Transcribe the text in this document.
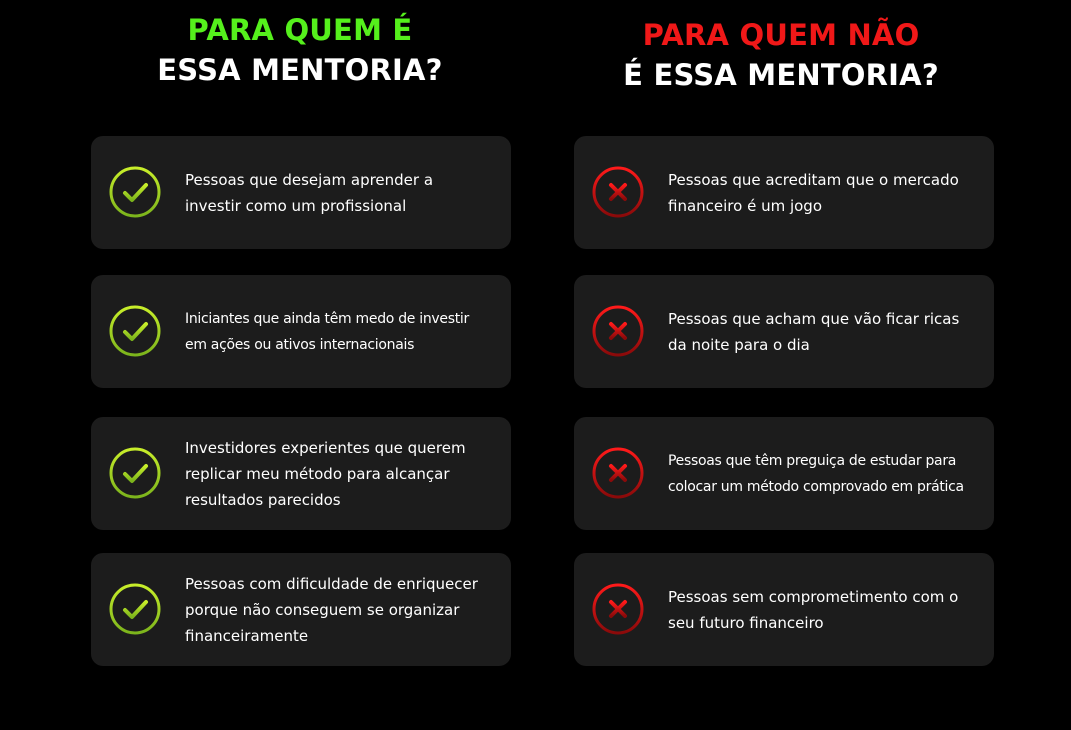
PARA QUEM É
ESSA MENTORIA?
PARA QUEM NÃO
É ESSA MENTORIA?
Pessoas que desejam aprender a investir como um profissional
Iniciantes que ainda têm medo de investir em ações ou ativos internacionais
Investidores experientes que querem replicar meu método para alcançar resultados parecidos
Pessoas com dificuldade de enriquecer porque não conseguem se organizar financeiramente
Pessoas que acreditam que o mercado financeiro é um jogo
Pessoas que acham que vão ficar ricas da noite para o dia
Pessoas que têm preguiça de estudar para colocar um método comprovado em prática
Pessoas sem comprometimento com o seu futuro financeiro
